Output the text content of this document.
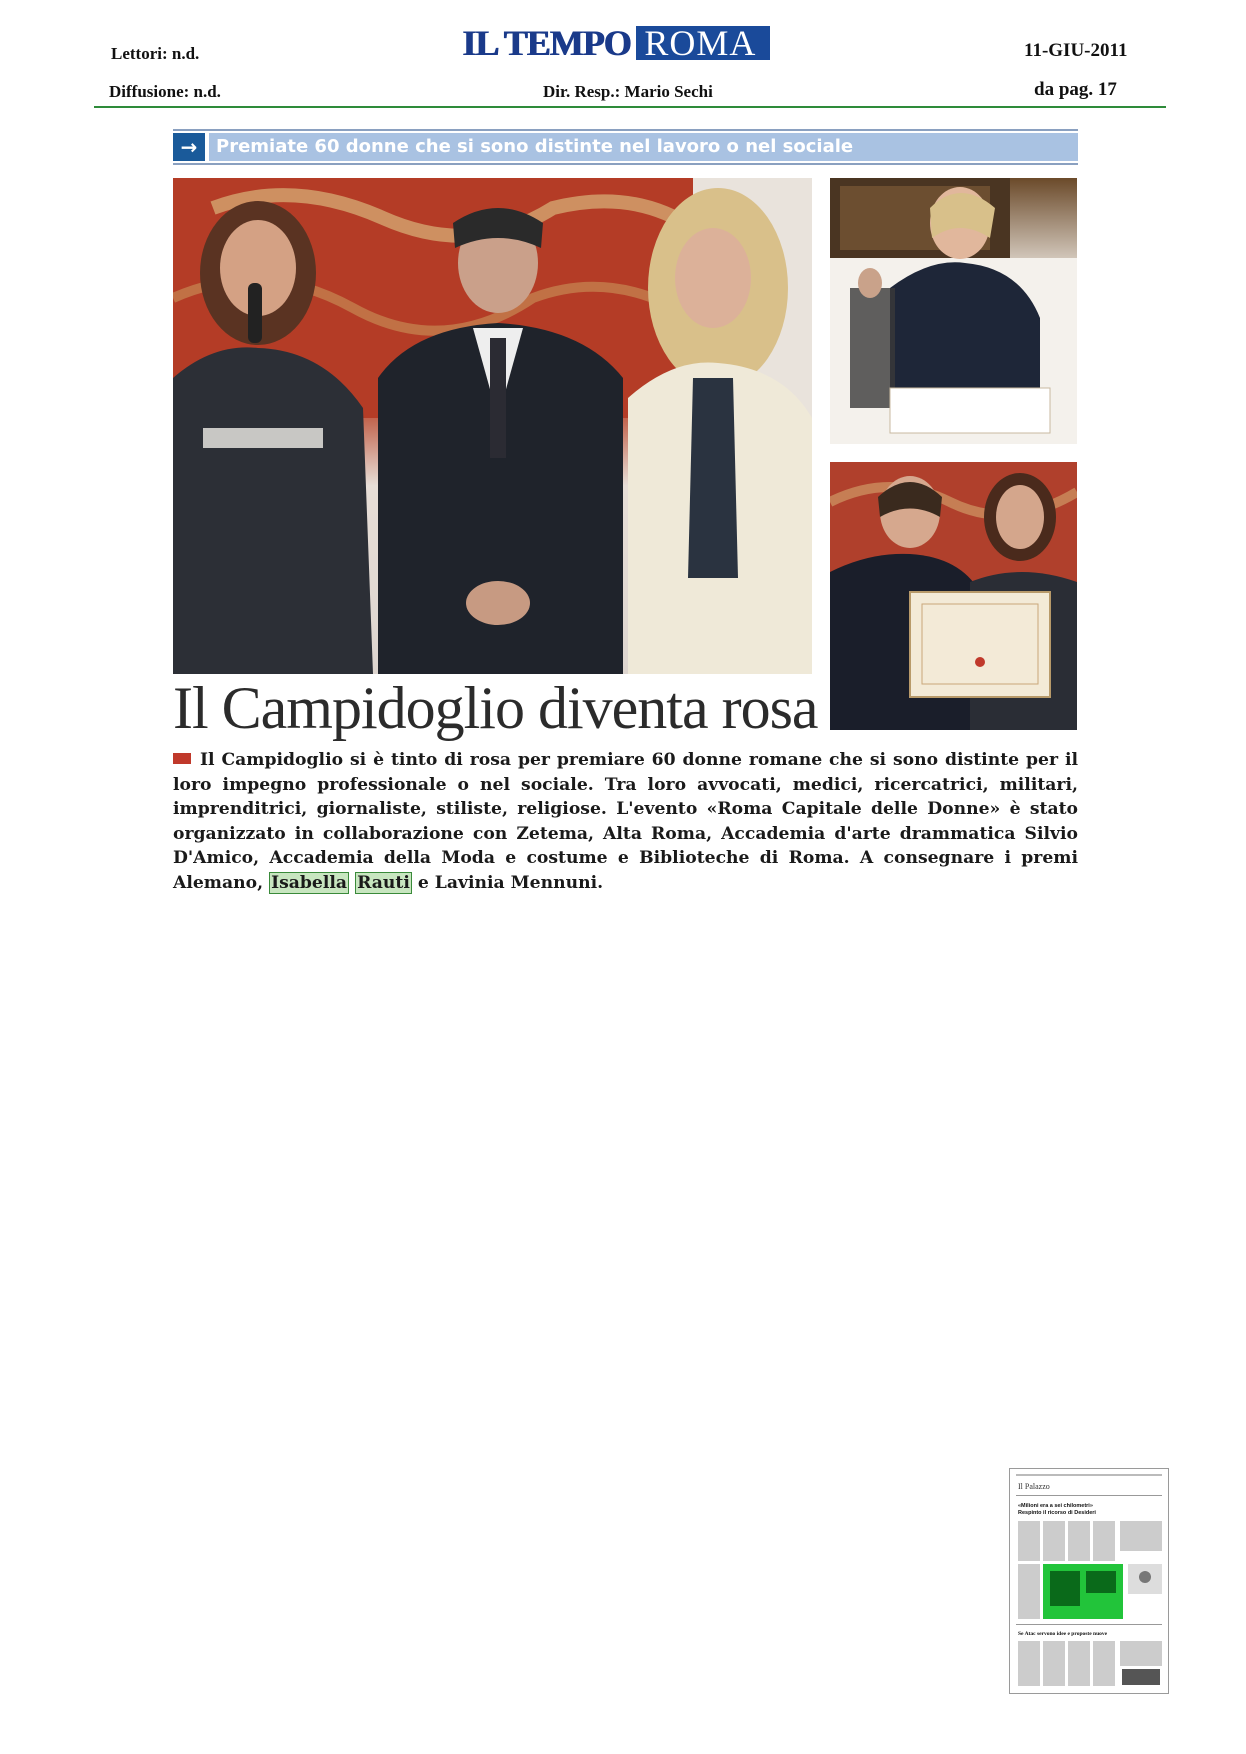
Lettori: n.d.
Diffusione: n.d.
IL TEMPO ROMA
Dir. Resp.: Mario Sechi
11-GIU-2011
da pag. 17
→	Premiate 60 donne che si sono distinte nel lavoro o nel sociale
Il Campidoglio diventa rosa
Il Campidoglio si è tinto di rosa per premiare 60 donne romane che si sono distinte per il loro impegno professionale o nel sociale. Tra loro avvocati, medici, ricercatrici, militari, imprenditrici, giornaliste, stiliste, religiose. L'evento «Roma Capitale delle Donne» è stato organizzato in collaborazione con Zetema, Alta Roma, Accademia d'arte drammatica Silvio D'Amico, Accademia della Moda e costume e Biblioteche di Roma. A consegnare i premi Alemano, Isabella Rauti e Lavinia Mennuni.
Il Palazzo
«Milioni era a sei chilometri»
Respinto il ricorso di Desideri
Se Atac servono idee e proposte nuove
